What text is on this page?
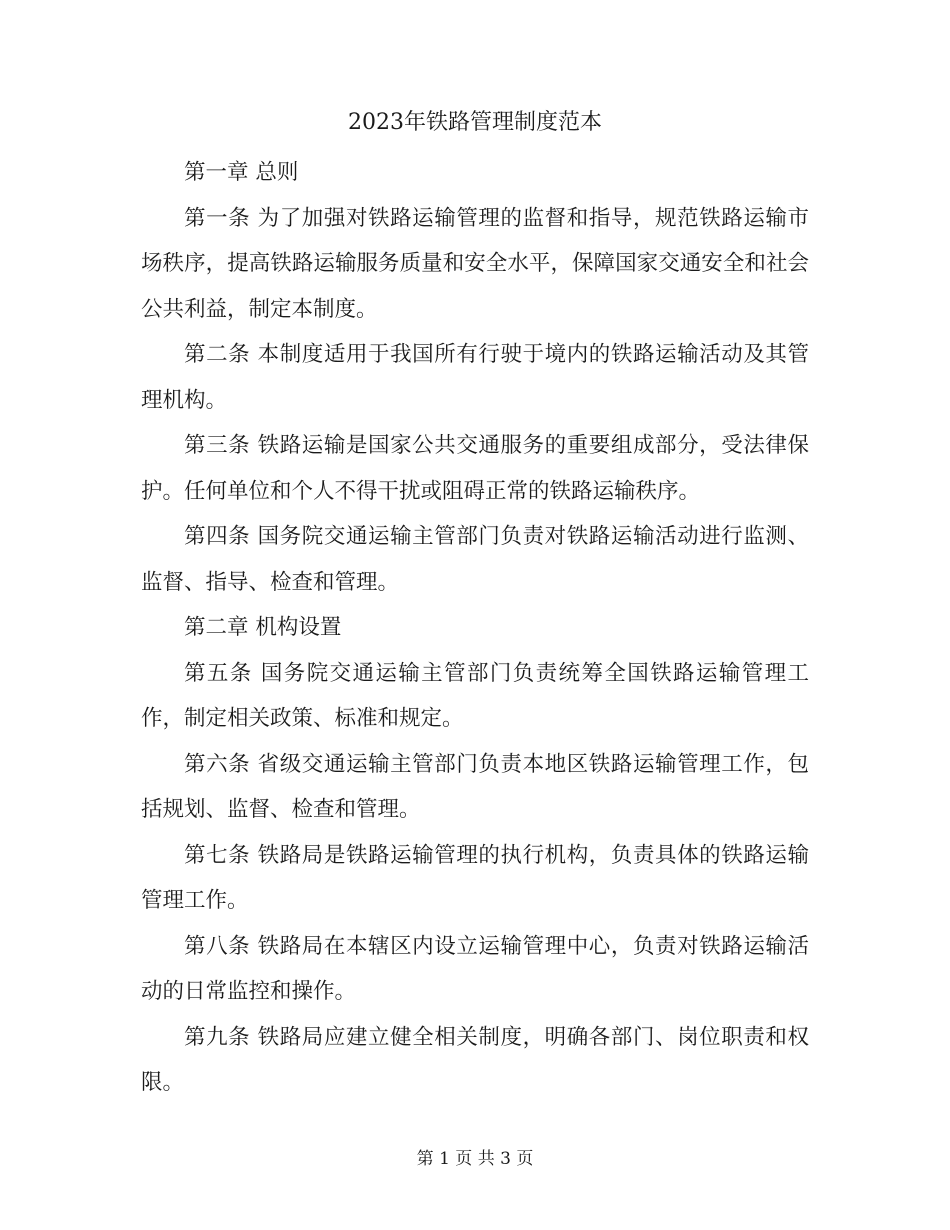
2023年铁路管理制度范本

第一章 总则

第一条 为了加强对铁路运输管理的监督和指导，规范铁路运输市场秩序，提高铁路运输服务质量和安全水平，保障国家交通安全和社会公共利益，制定本制度。

第二条 本制度适用于我国所有行驶于境内的铁路运输活动及其管理机构。

第三条 铁路运输是国家公共交通服务的重要组成部分，受法律保护。任何单位和个人不得干扰或阻碍正常的铁路运输秩序。

第四条 国务院交通运输主管部门负责对铁路运输活动进行监测、监督、指导、检查和管理。

第二章 机构设置

第五条 国务院交通运输主管部门负责统筹全国铁路运输管理工作，制定相关政策、标准和规定。

第六条 省级交通运输主管部门负责本地区铁路运输管理工作，包括规划、监督、检查和管理。

第七条 铁路局是铁路运输管理的执行机构，负责具体的铁路运输管理工作。

第八条 铁路局在本辖区内设立运输管理中心，负责对铁路运输活动的日常监控和操作。

第九条 铁路局应建立健全相关制度，明确各部门、岗位职责和权限。

第 1 页 共 3 页
